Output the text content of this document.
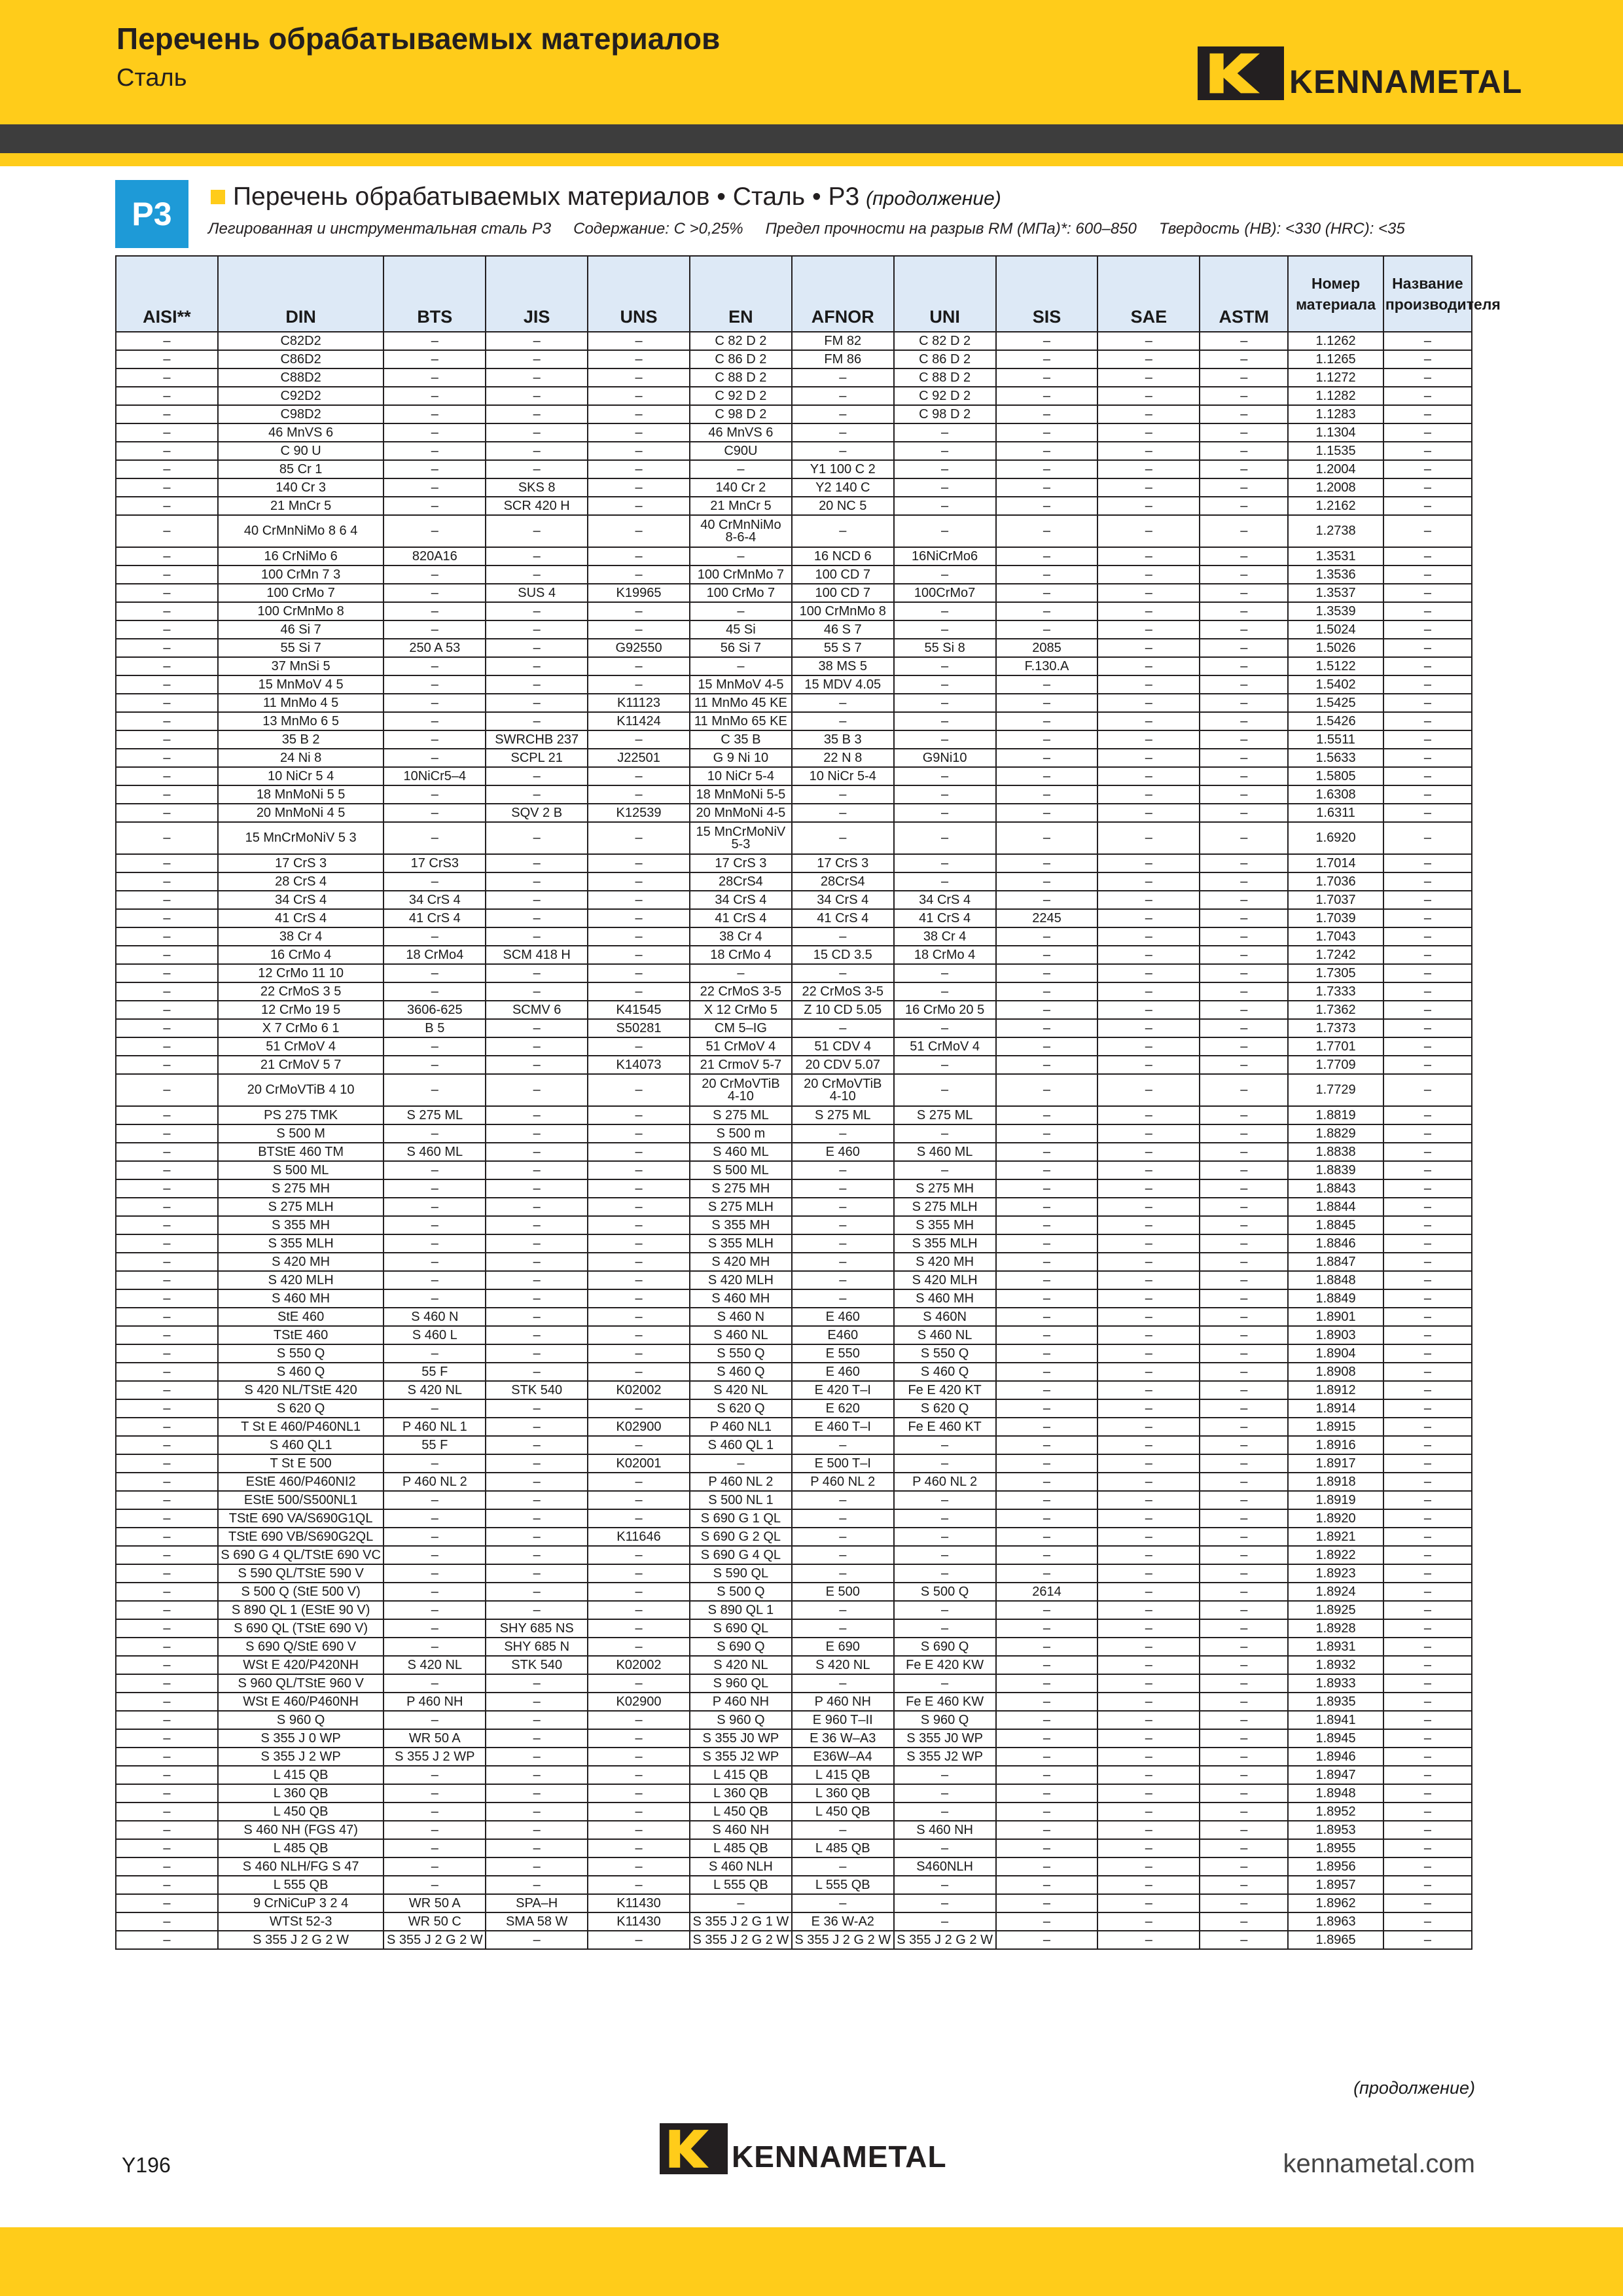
Перечень обрабатываемых материалов
Сталь	KENNAMETAL
P3	Перечень обрабатываемых материалов • Сталь • P3 (продолжение)
Легированная и инструментальная сталь P3 Содержание: C >0,25% Предел прочности на разрыв RM (МПа)*: 600–850 Твердость (HB): <330 (HRC): <35
AISI**	DIN	BTS	JIS	UNS	EN	AFNOR	UNI	SIS	SAE	ASTM	Номер материала	Название производителя
–	C82D2	–	–	–	C 82 D 2	FM 82	C 82 D 2	–	–	–	1.1262	–
–	C86D2	–	–	–	C 86 D 2	FM 86	C 86 D 2	–	–	–	1.1265	–
–	C88D2	–	–	–	C 88 D 2	–	C 88 D 2	–	–	–	1.1272	–
–	C92D2	–	–	–	C 92 D 2	–	C 92 D 2	–	–	–	1.1282	–
–	C98D2	–	–	–	C 98 D 2	–	C 98 D 2	–	–	–	1.1283	–
–	46 MnVS 6	–	–	–	46 MnVS 6	–	–	–	–	–	1.1304	–
–	C 90 U	–	–	–	C90U	–	–	–	–	–	1.1535	–
–	85 Cr 1	–	–	–	–	Y1 100 C 2	–	–	–	–	1.2004	–
–	140 Cr 3	–	SKS 8	–	140 Cr 2	Y2 140 C	–	–	–	–	1.2008	–
–	21 MnCr 5	–	SCR 420 H	–	21 MnCr 5	20 NC 5	–	–	–	–	1.2162	–
–	40 CrMnNiMo 8 6 4	–	–	–	40 CrMnNiMo
8-6-4	–	–	–	–	–	1.2738	–
–	16 CrNiMo 6	820A16	–	–	–	16 NCD 6	16NiCrMo6	–	–	–	1.3531	–
–	100 CrMn 7 3	–	–	–	100 CrMnMo 7	100 CD 7	–	–	–	–	1.3536	–
–	100 CrMo 7	–	SUS 4	K19965	100 CrMo 7	100 CD 7	100CrMo7	–	–	–	1.3537	–
–	100 CrMnMo 8	–	–	–	–	100 CrMnMo 8	–	–	–	–	1.3539	–
–	46 Si 7	–	–	–	45 Si	46 S 7	–	–	–	–	1.5024	–
–	55 Si 7	250 A 53	–	G92550	56 Si 7	55 S 7	55 Si 8	2085	–	–	1.5026	–
–	37 MnSi 5	–	–	–	–	38 MS 5	–	F.130.A	–	–	1.5122	–
–	15 MnMoV 4 5	–	–	–	15 MnMoV 4-5	15 MDV 4.05	–	–	–	–	1.5402	–
–	11 MnMo 4 5	–	–	K11123	11 MnMo 45 KE	–	–	–	–	–	1.5425	–
–	13 MnMo 6 5	–	–	K11424	11 MnMo 65 KE	–	–	–	–	–	1.5426	–
–	35 B 2	–	SWRCHB 237	–	C 35 B	35 B 3	–	–	–	–	1.5511	–
–	24 Ni 8	–	SCPL 21	J22501	G 9 Ni 10	22 N 8	G9Ni10	–	–	–	1.5633	–
–	10 NiCr 5 4	10NiCr5–4	–	–	10 NiCr 5-4	10 NiCr 5-4	–	–	–	–	1.5805	–
–	18 MnMoNi 5 5	–	–	–	18 MnMoNi 5-5	–	–	–	–	–	1.6308	–
–	20 MnMoNi 4 5	–	SQV 2 B	K12539	20 MnMoNi 4-5	–	–	–	–	–	1.6311	–
–	15 MnCrMoNiV 5 3	–	–	–	15 MnCrMoNiV
5-3	–	–	–	–	–	1.6920	–
–	17 CrS 3	17 CrS3	–	–	17 CrS 3	17 CrS 3	–	–	–	–	1.7014	–
–	28 CrS 4	–	–	–	28CrS4	28CrS4	–	–	–	–	1.7036	–
–	34 CrS 4	34 CrS 4	–	–	34 CrS 4	34 CrS 4	34 CrS 4	–	–	–	1.7037	–
–	41 CrS 4	41 CrS 4	–	–	41 CrS 4	41 CrS 4	41 CrS 4	2245	–	–	1.7039	–
–	38 Cr 4	–	–	–	38 Cr 4	–	38 Cr 4	–	–	–	1.7043	–
–	16 CrMo 4	18 CrMo4	SCM 418 H	–	18 CrMo 4	15 CD 3.5	18 CrMo 4	–	–	–	1.7242	–
–	12 CrMo 11 10	–	–	–	–	–	–	–	–	–	1.7305	–
–	22 CrMoS 3 5	–	–	–	22 CrMoS 3-5	22 CrMoS 3-5	–	–	–	–	1.7333	–
–	12 CrMo 19 5	3606-625	SCMV 6	K41545	X 12 CrMo 5	Z 10 CD 5.05	16 CrMo 20 5	–	–	–	1.7362	–
–	X 7 CrMo 6 1	B 5	–	S50281	CM 5–IG	–	–	–	–	–	1.7373	–
–	51 CrMoV 4	–	–	–	51 CrMoV 4	51 CDV 4	51 CrMoV 4	–	–	–	1.7701	–
–	21 CrMoV 5 7	–	–	K14073	21 CrmoV 5-7	20 CDV 5.07	–	–	–	–	1.7709	–
–	20 CrMoVTiB 4 10	–	–	–	20 CrMoVTiB
4-10	20 CrMoVTiB
4-10	–	–	–	–	1.7729	–
–	PS 275 TMK	S 275 ML	–	–	S 275 ML	S 275 ML	S 275 ML	–	–	–	1.8819	–
–	S 500 M	–	–	–	S 500 m	–	–	–	–	–	1.8829	–
–	BTStE 460 TM	S 460 ML	–	–	S 460 ML	E 460	S 460 ML	–	–	–	1.8838	–
–	S 500 ML	–	–	–	S 500 ML	–	–	–	–	–	1.8839	–
–	S 275 MH	–	–	–	S 275 MH	–	S 275 MH	–	–	–	1.8843	–
–	S 275 MLH	–	–	–	S 275 MLH	–	S 275 MLH	–	–	–	1.8844	–
–	S 355 MH	–	–	–	S 355 MH	–	S 355 MH	–	–	–	1.8845	–
–	S 355 MLH	–	–	–	S 355 MLH	–	S 355 MLH	–	–	–	1.8846	–
–	S 420 MH	–	–	–	S 420 MH	–	S 420 MH	–	–	–	1.8847	–
–	S 420 MLH	–	–	–	S 420 MLH	–	S 420 MLH	–	–	–	1.8848	–
–	S 460 MH	–	–	–	S 460 MH	–	S 460 MH	–	–	–	1.8849	–
–	StE 460	S 460 N	–	–	S 460 N	E 460	S 460N	–	–	–	1.8901	–
–	TStE 460	S 460 L	–	–	S 460 NL	E460	S 460 NL	–	–	–	1.8903	–
–	S 550 Q	–	–	–	S 550 Q	E 550	S 550 Q	–	–	–	1.8904	–
–	S 460 Q	55 F	–	–	S 460 Q	E 460	S 460 Q	–	–	–	1.8908	–
–	S 420 NL/TStE 420	S 420 NL	STK 540	K02002	S 420 NL	E 420 T–I	Fe E 420 KT	–	–	–	1.8912	–
–	S 620 Q	–	–	–	S 620 Q	E 620	S 620 Q	–	–	–	1.8914	–
–	T St E 460/P460NL1	P 460 NL 1	–	K02900	P 460 NL1	E 460 T–I	Fe E 460 KT	–	–	–	1.8915	–
–	S 460 QL1	55 F	–	–	S 460 QL 1	–	–	–	–	–	1.8916	–
–	T St E 500	–	–	K02001	–	E 500 T–I	–	–	–	–	1.8917	–
–	EStE 460/P460NI2	P 460 NL 2	–	–	P 460 NL 2	P 460 NL 2	P 460 NL 2	–	–	–	1.8918	–
–	EStE 500/S500NL1	–	–	–	S 500 NL 1	–	–	–	–	–	1.8919	–
–	TStE 690 VA/S690G1QL	–	–	–	S 690 G 1 QL	–	–	–	–	–	1.8920	–
–	TStE 690 VB/S690G2QL	–	–	K11646	S 690 G 2 QL	–	–	–	–	–	1.8921	–
–	S 690 G 4 QL/TStE 690 VC	–	–	–	S 690 G 4 QL	–	–	–	–	–	1.8922	–
–	S 590 QL/TStE 590 V	–	–	–	S 590 QL	–	–	–	–	–	1.8923	–
–	S 500 Q (StE 500 V)	–	–	–	S 500 Q	E 500	S 500 Q	2614	–	–	1.8924	–
–	S 890 QL 1 (EStE 90 V)	–	–	–	S 890 QL 1	–	–	–	–	–	1.8925	–
–	S 690 QL (TStE 690 V)	–	SHY 685 NS	–	S 690 QL	–	–	–	–	–	1.8928	–
–	S 690 Q/StE 690 V	–	SHY 685 N	–	S 690 Q	E 690	S 690 Q	–	–	–	1.8931	–
–	WSt E 420/P420NH	S 420 NL	STK 540	K02002	S 420 NL	S 420 NL	Fe E 420 KW	–	–	–	1.8932	–
–	S 960 QL/TStE 960 V	–	–	–	S 960 QL	–	–	–	–	–	1.8933	–
–	WSt E 460/P460NH	P 460 NH	–	K02900	P 460 NH	P 460 NH	Fe E 460 KW	–	–	–	1.8935	–
–	S 960 Q	–	–	–	S 960 Q	E 960 T–II	S 960 Q	–	–	–	1.8941	–
–	S 355 J 0 WP	WR 50 A	–	–	S 355 J0 WP	E 36 W–A3	S 355 J0 WP	–	–	–	1.8945	–
–	S 355 J 2 WP	S 355 J 2 WP	–	–	S 355 J2 WP	E36W–A4	S 355 J2 WP	–	–	–	1.8946	–
–	L 415 QB	–	–	–	L 415 QB	L 415 QB	–	–	–	–	1.8947	–
–	L 360 QB	–	–	–	L 360 QB	L 360 QB	–	–	–	–	1.8948	–
–	L 450 QB	–	–	–	L 450 QB	L 450 QB	–	–	–	–	1.8952	–
–	S 460 NH (FGS 47)	–	–	–	S 460 NH	–	S 460 NH	–	–	–	1.8953	–
–	L 485 QB	–	–	–	L 485 QB	L 485 QB	–	–	–	–	1.8955	–
–	S 460 NLH/FG S 47	–	–	–	S 460 NLH	–	S460NLH	–	–	–	1.8956	–
–	L 555 QB	–	–	–	L 555 QB	L 555 QB	–	–	–	–	1.8957	–
–	9 CrNiCuP 3 2 4	WR 50 A	SPA–H	K11430	–	–	–	–	–	–	1.8962	–
–	WTSt 52-3	WR 50 C	SMA 58 W	K11430	S 355 J 2 G 1 W	E 36 W-A2	–	–	–	–	1.8963	–
–	S 355 J 2 G 2 W	S 355 J 2 G 2 W	–	–	S 355 J 2 G 2 W	S 355 J 2 G 2 W	S 355 J 2 G 2 W	–	–	–	1.8965	–
(продолжение)
Y196	KENNAMETAL	kennametal.com
